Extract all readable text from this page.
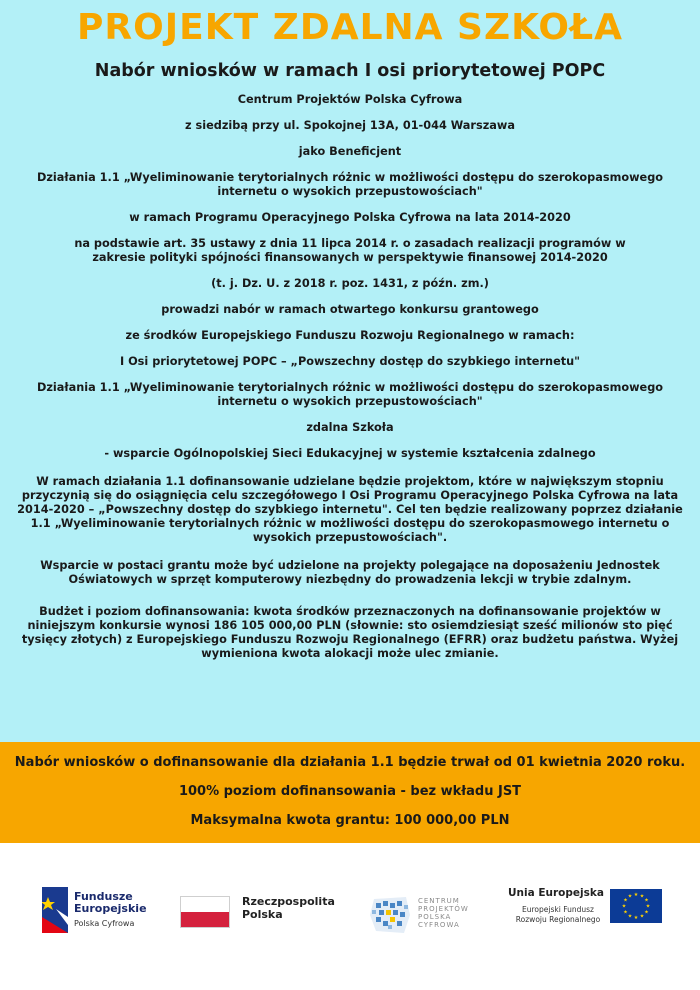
PROJEKT ZDALNA SZKOŁA
Nabór wniosków w ramach I osi priorytetowej POPC
Centrum Projektów Polska Cyfrowa
z siedzibą przy ul. Spokojnej 13A, 01-044 Warszawa
jako Beneficjent
Działania 1.1 „Wyeliminowanie terytorialnych różnic w możliwości dostępu do szerokopasmowego internetu o wysokich przepustowościach"
w ramach Programu Operacyjnego Polska Cyfrowa na lata 2014-2020
na podstawie art. 35 ustawy z dnia 11 lipca 2014 r. o zasadach realizacji programów w zakresie polityki spójności finansowanych w perspektywie finansowej 2014-2020
(t. j. Dz. U. z 2018 r. poz. 1431, z późn. zm.)
prowadzi nabór w ramach otwartego konkursu grantowego
ze środków Europejskiego Funduszu Rozwoju Regionalnego w ramach:
I Osi priorytetowej POPC – „Powszechny dostęp do szybkiego internetu"
Działania 1.1 „Wyeliminowanie terytorialnych różnic w możliwości dostępu do szerokopasmowego internetu o wysokich przepustowościach"
zdalna Szkoła
- wsparcie Ogólnopolskiej Sieci Edukacyjnej w systemie kształcenia zdalnego
W ramach działania 1.1 dofinansowanie udzielane będzie projektom, które w największym stopniu przyczynią się do osiągnięcia celu szczegółowego I Osi Programu Operacyjnego Polska Cyfrowa na lata 2014-2020 – „Powszechny dostęp do szybkiego internetu". Cel ten będzie realizowany poprzez działanie 1.1 „Wyeliminowanie terytorialnych różnic w możliwości dostępu do szerokopasmowego internetu o wysokich przepustowościach".
Wsparcie w postaci grantu może być udzielone na projekty polegające na doposażeniu Jednostek Oświatowych w sprzęt komputerowy niezbędny do prowadzenia lekcji w trybie zdalnym.
Budżet i poziom dofinansowania: kwota środków przeznaczonych na dofinansowanie projektów w niniejszym konkursie wynosi 186 105 000,00 PLN (słownie: sto osiemdziesiąt sześć milionów sto pięć tysięcy złotych) z Europejskiego Funduszu Rozwoju Regionalnego (EFRR) oraz budżetu państwa. Wyżej wymieniona kwota alokacji może ulec zmianie.
Nabór wniosków o dofinansowanie dla działania 1.1 będzie trwał od 01 kwietnia 2020 roku.
100% poziom dofinansowania - bez wkładu JST
Maksymalna kwota grantu: 100 000,00 PLN
Fundusze Europejskie
Polska Cyfrowa
Rzeczpospolita Polska
CENTRUM PROJEKTÓW POLSKA CYFROWA
Unia Europejska
Europejski Fundusz Rozwoju Regionalnego
★ ★
★
★
★
★
★
★
★
★
★
★
